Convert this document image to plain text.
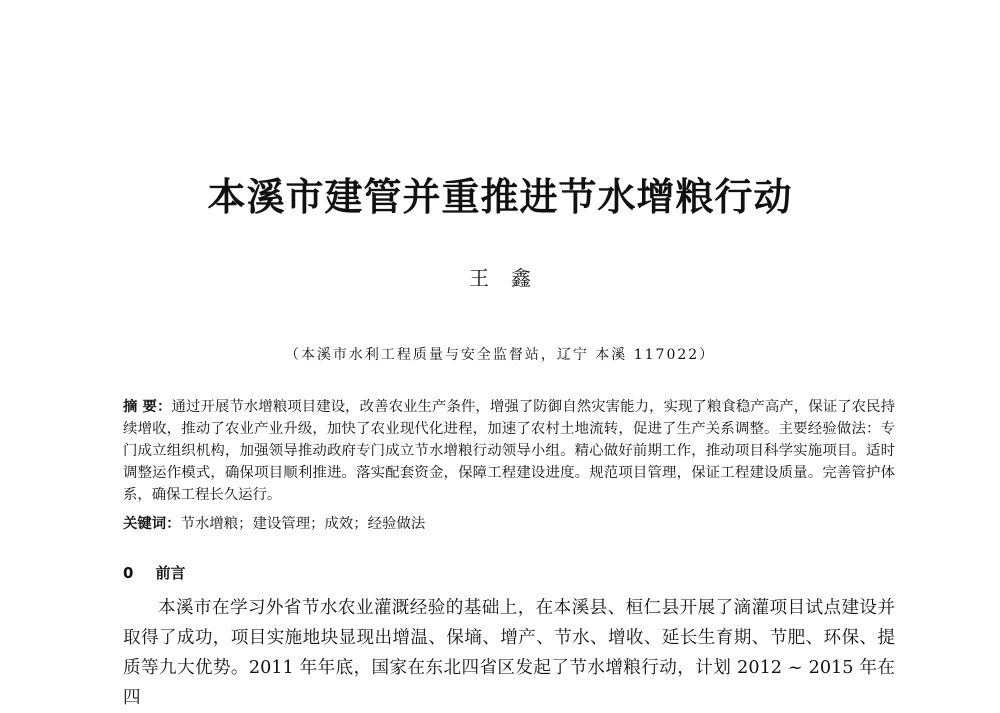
本溪市建管并重推进节水增粮行动
王鑫
（本溪市水利工程质量与安全监督站，辽宁 本溪 117022）

摘 要：通过开展节水增粮项目建设，改善农业生产条件，增强了防御自然灾害能力，实现了粮食稳产高产，保证了农民持续增收，推动了农业产业升级，加快了农业现代化进程，加速了农村土地流转，促进了生产关系调整。主要经验做法：专门成立组织机构，加强领导推动政府专门成立节水增粮行动领导小组。精心做好前期工作，推动项目科学实施项目。适时调整运作模式，确保项目顺利推进。落实配套资金，保障工程建设进度。规范项目管理，保证工程建设质量。完善管护体系，确保工程长久运行。

关键词：节水增粮；建设管理；成效；经验做法

0 前言

本溪市在学习外省节水农业灌溉经验的基础上，在本溪县、桓仁县开展了滴灌项目试点建设并取得了成功，项目实施地块显现出增温、保墒、增产、节水、增收、延长生育期、节肥、环保、提质等九大优势。2011 年年底，国家在东北四省区发起了节水增粮行动，计划 2012 ~ 2015 年在四
